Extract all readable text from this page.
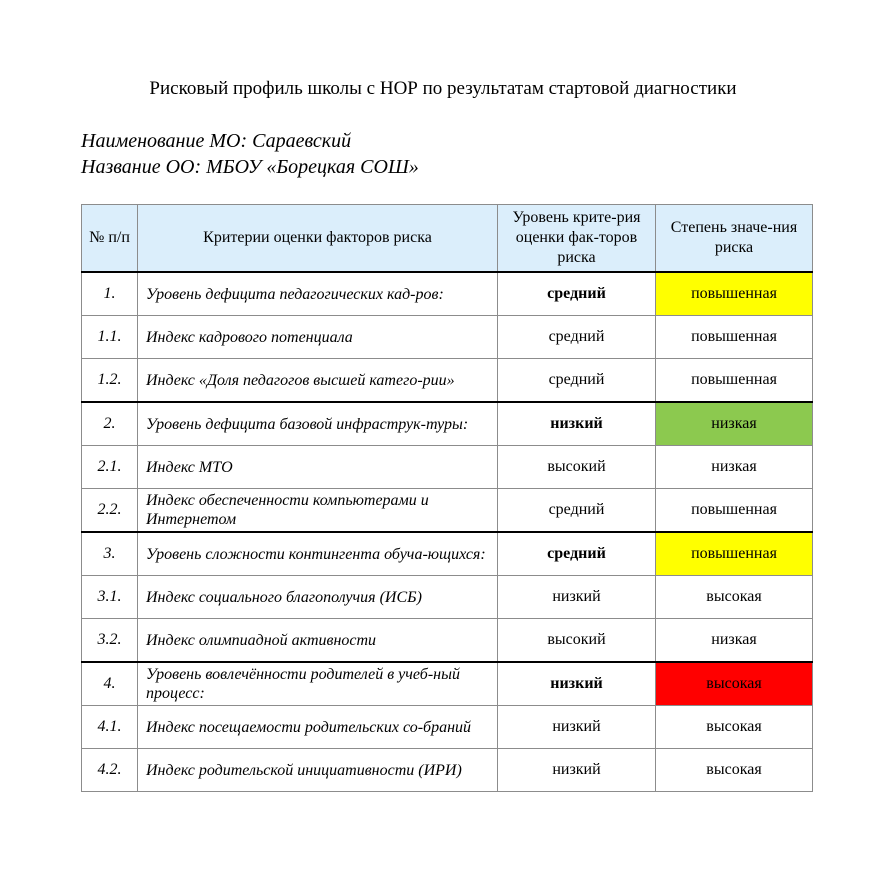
Рисковый профиль школы с НОР по результатам стартовой диагностики
Наименование МО: Сараевский
Название ОО: МБОУ «Борецкая СОШ»
№ п/п	Критерии оценки факторов риска	Уровень крите-рия оценки фак-торов риска	Степень значе-ния риска
1.	Уровень дефицита педагогических кад-ров:	средний	повышенная
1.1.	Индекс кадрового потенциала	средний	повышенная
1.2.	Индекс «Доля педагогов высшей катего-рии»	средний	повышенная
2.	Уровень дефицита базовой инфраструк-туры:	низкий	низкая
2.1.	Индекс МТО	высокий	низкая
2.2.	Индекс обеспеченности компьютерами и Интернетом	средний	повышенная
3.	Уровень сложности контингента обуча-ющихся:	средний	повышенная
3.1.	Индекс социального благополучия (ИСБ)	низкий	высокая
3.2.	Индекс олимпиадной активности	высокий	низкая
4.	Уровень вовлечённости родителей в учеб-ный процесс:	низкий	высокая
4.1.	Индекс посещаемости родительских со-браний	низкий	высокая
4.2.	Индекс родительской инициативности (ИРИ)	низкий	высокая
